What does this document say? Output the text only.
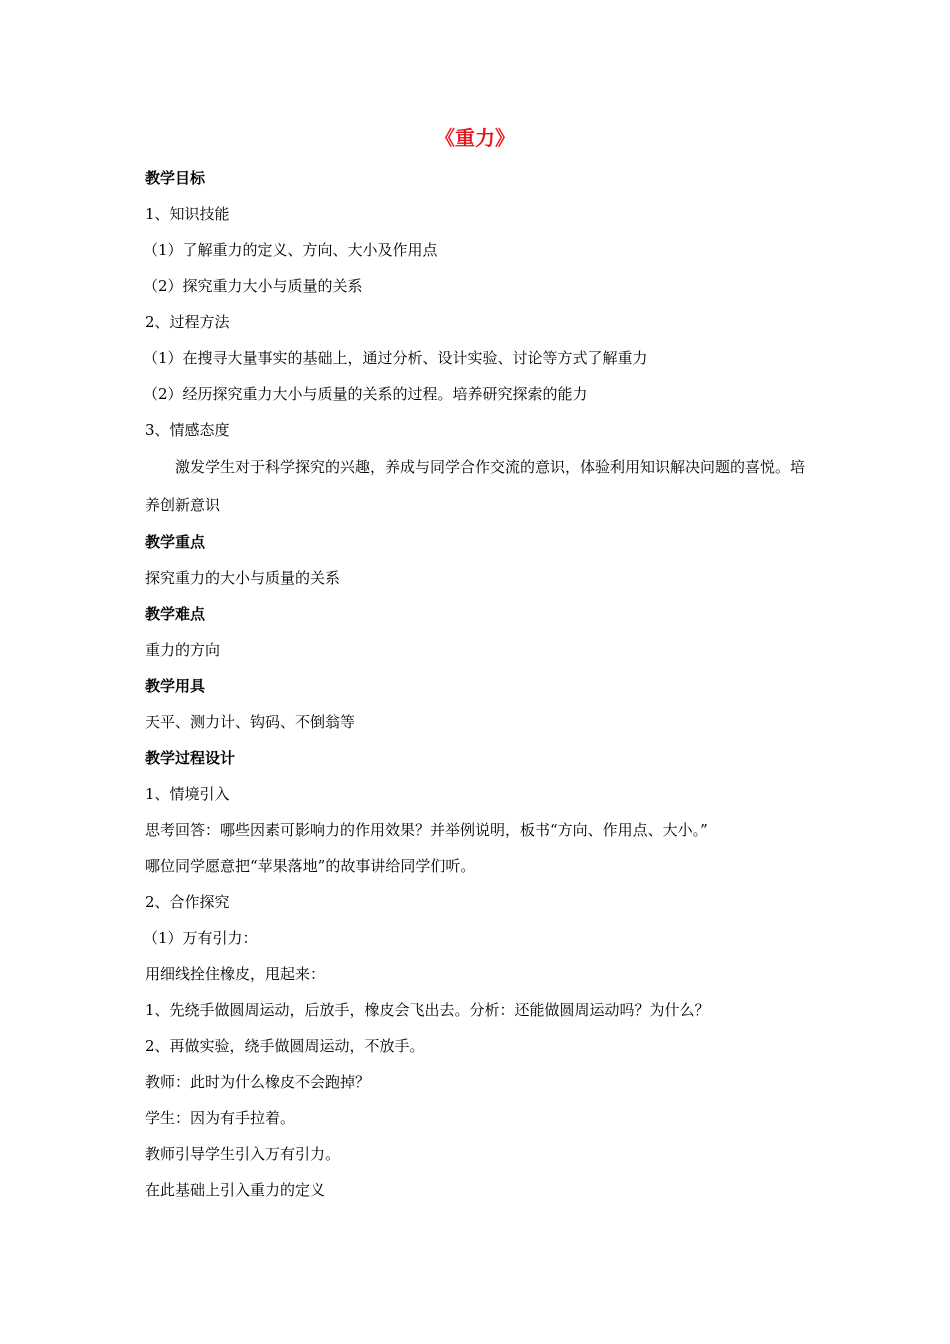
《重力》
教学目标
1、知识技能
（1）了解重力的定义、方向、大小及作用点
（2）探究重力大小与质量的关系
2、过程方法
（1）在搜寻大量事实的基础上，通过分析、设计实验、讨论等方式了解重力
（2）经历探究重力大小与质量的关系的过程。培养研究探索的能力
3、情感态度
激发学生对于科学探究的兴趣，养成与同学合作交流的意识，体验利用知识解决问题的喜悦。培养创新意识
教学重点
探究重力的大小与质量的关系
教学难点
重力的方向
教学用具
天平、测力计、钩码、不倒翁等
教学过程设计
1、情境引入
思考回答：哪些因素可影响力的作用效果？并举例说明，板书“方向、作用点、大小。”
哪位同学愿意把“苹果落地”的故事讲给同学们听。
2、合作探究
（1）万有引力：
用细线拴住橡皮，甩起来：
1、先绕手做圆周运动，后放手，橡皮会飞出去。分析：还能做圆周运动吗？为什么？
2、再做实验，绕手做圆周运动，不放手。
教师：此时为什么橡皮不会跑掉？
学生：因为有手拉着。
教师引导学生引入万有引力。
在此基础上引入重力的定义
